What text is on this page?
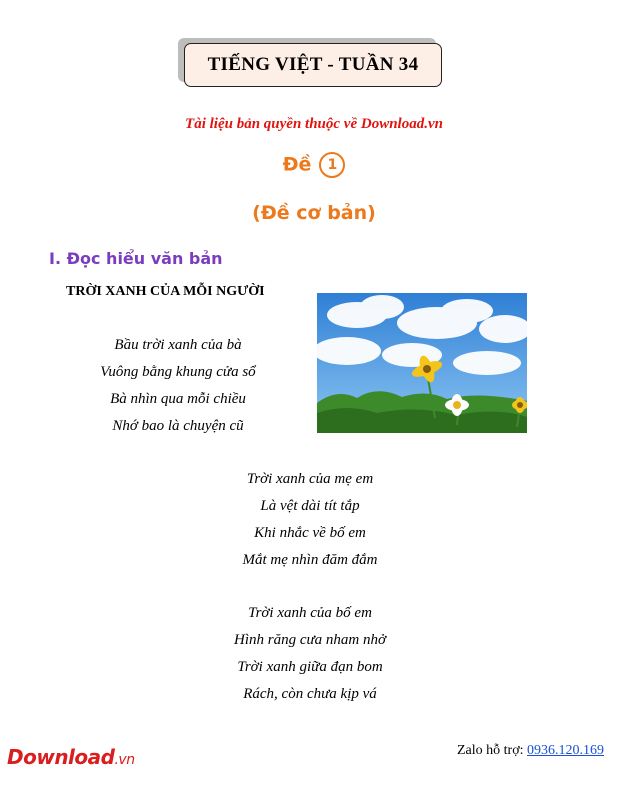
TIẾNG VIỆT - TUẦN 34
Tài liệu bản quyền thuộc về Download.vn
Đề 1
(Đề cơ bản)
I. Đọc hiểu văn bản
TRỜI XANH CỦA MỖI NGƯỜI
Bầu trời xanh của bà
Vuông bằng khung cửa sổ
Bà nhìn qua mỗi chiều
Nhớ bao là chuyện cũ
Trời xanh của mẹ em
Là vệt dài tít tắp
Khi nhắc về bố em
Mắt mẹ nhìn đăm đắm
Trời xanh của bố em
Hình răng cưa nham nhở
Trời xanh giữa đạn bom
Rách, còn chưa kịp vá
Download.vn
Zalo hỗ trợ: 0936.120.169
